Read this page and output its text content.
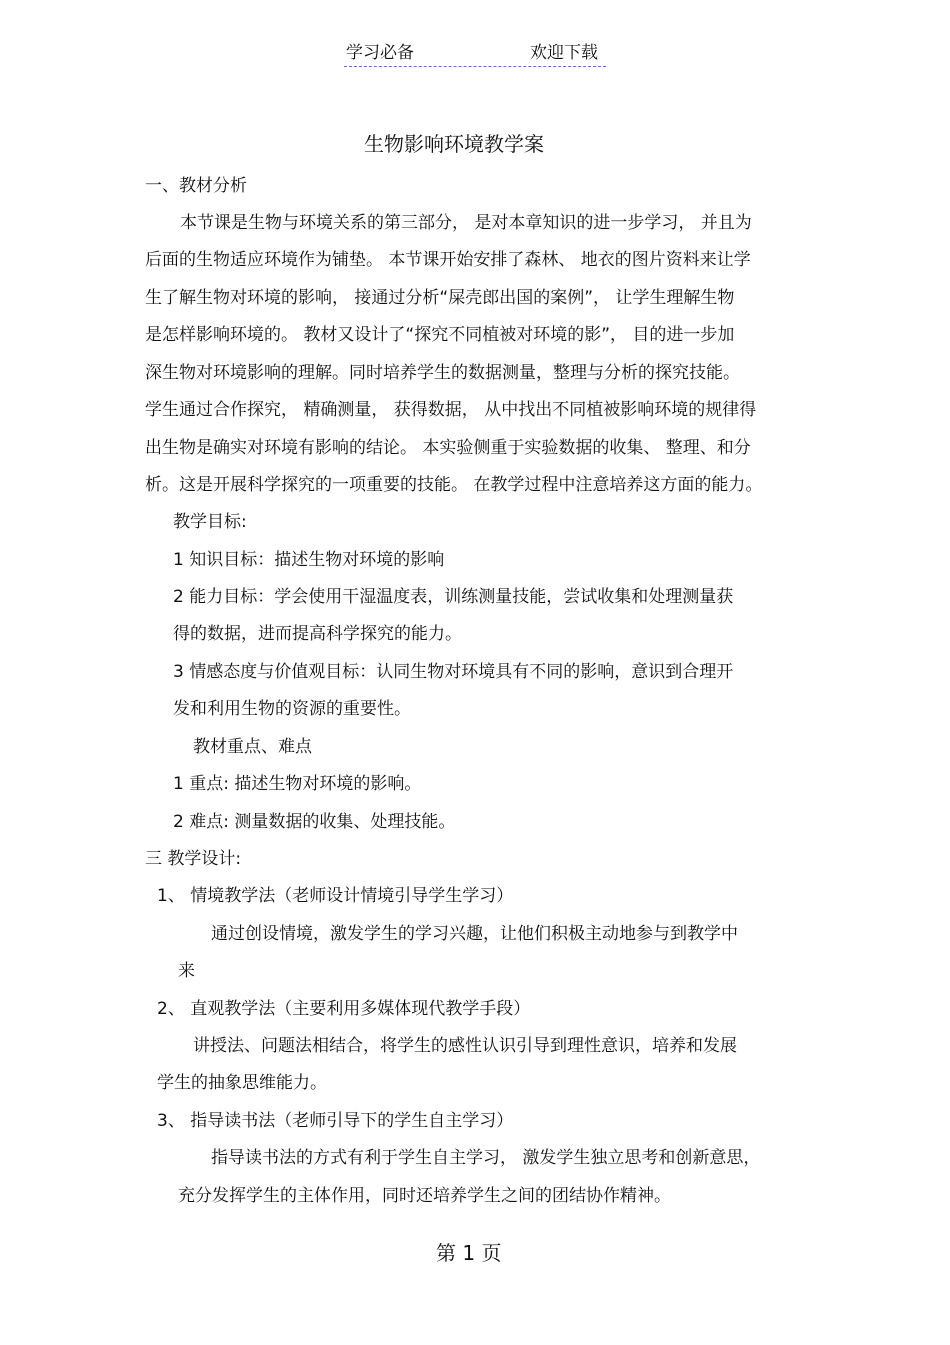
学习必备	欢迎下载
生物影响环境教学案
一、教材分析
本节课是生物与环境关系的第三部分， 是对本章知识的进一步学习， 并且为
后面的生物适应环境作为铺垫。 本节课开始安排了森林、 地衣的图片资料来让学
生了解生物对环境的影响， 接通过分析“屎壳郎出国的案例”， 让学生理解生物
是怎样影响环境的。 教材又设计了“探究不同植被对环境的影”， 目的进一步加
深生物对环境影响的理解。同时培养学生的数据测量，整理与分析的探究技能。
学生通过合作探究， 精确测量， 获得数据， 从中找出不同植被影响环境的规律得
出生物是确实对环境有影响的结论。 本实验侧重于实验数据的收集、 整理、和分
析。这是开展科学探究的一项重要的技能。 在教学过程中注意培养这方面的能力。
教学目标:
1 知识目标：描述生物对环境的影响
2 能力目标：学会使用干湿温度表，训练测量技能，尝试收集和处理测量获
得的数据，进而提高科学探究的能力。
3 情感态度与价值观目标：认同生物对环境具有不同的影响，意识到合理开
发和利用生物的资源的重要性。
教材重点、难点
1 重点: 描述生物对环境的影响。
2 难点: 测量数据的收集、处理技能。
三 教学设计:
1、 情境教学法（老师设计情境引导学生学习）
通过创设情境，激发学生的学习兴趣，让他们积极主动地参与到教学中
来
2、 直观教学法（主要利用多媒体现代教学手段）
讲授法、问题法相结合，将学生的感性认识引导到理性意识，培养和发展
学生的抽象思维能力。
3、 指导读书法（老师引导下的学生自主学习）
指导读书法的方式有利于学生自主学习， 激发学生独立思考和创新意思，
充分发挥学生的主体作用，同时还培养学生之间的团结协作精神。
第 1 页
